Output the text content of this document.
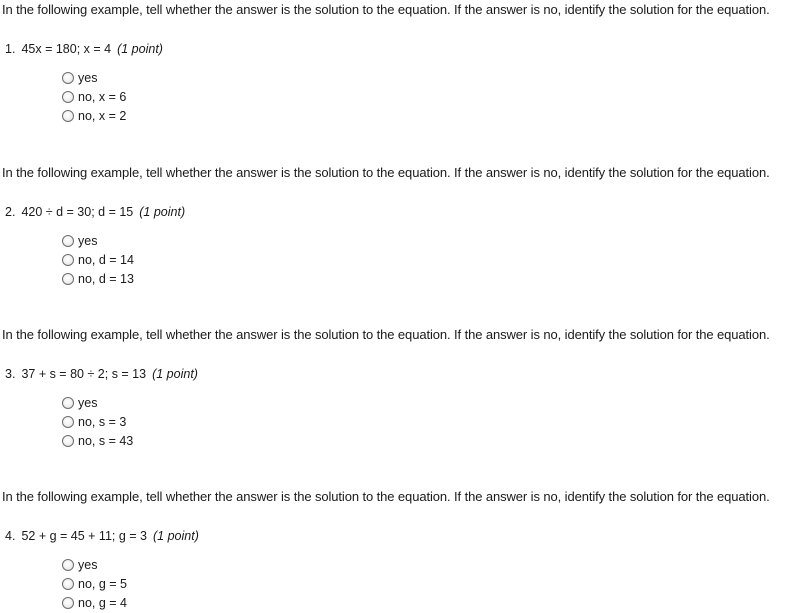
In the following example, tell whether the answer is the solution to the equation. If the answer is no, identify the solution for the equation.
1. 45x = 180; x = 4 (1 point)
yes
no, x = 6
no, x = 2
In the following example, tell whether the answer is the solution to the equation. If the answer is no, identify the solution for the equation.
2. 420 ÷ d = 30; d = 15 (1 point)
yes
no, d = 14
no, d = 13
In the following example, tell whether the answer is the solution to the equation. If the answer is no, identify the solution for the equation.
3. 37 + s = 80 ÷ 2; s = 13 (1 point)
yes
no, s = 3
no, s = 43
In the following example, tell whether the answer is the solution to the equation. If the answer is no, identify the solution for the equation.
4. 52 + g = 45 + 11; g = 3 (1 point)
yes
no, g = 5
no, g = 4
